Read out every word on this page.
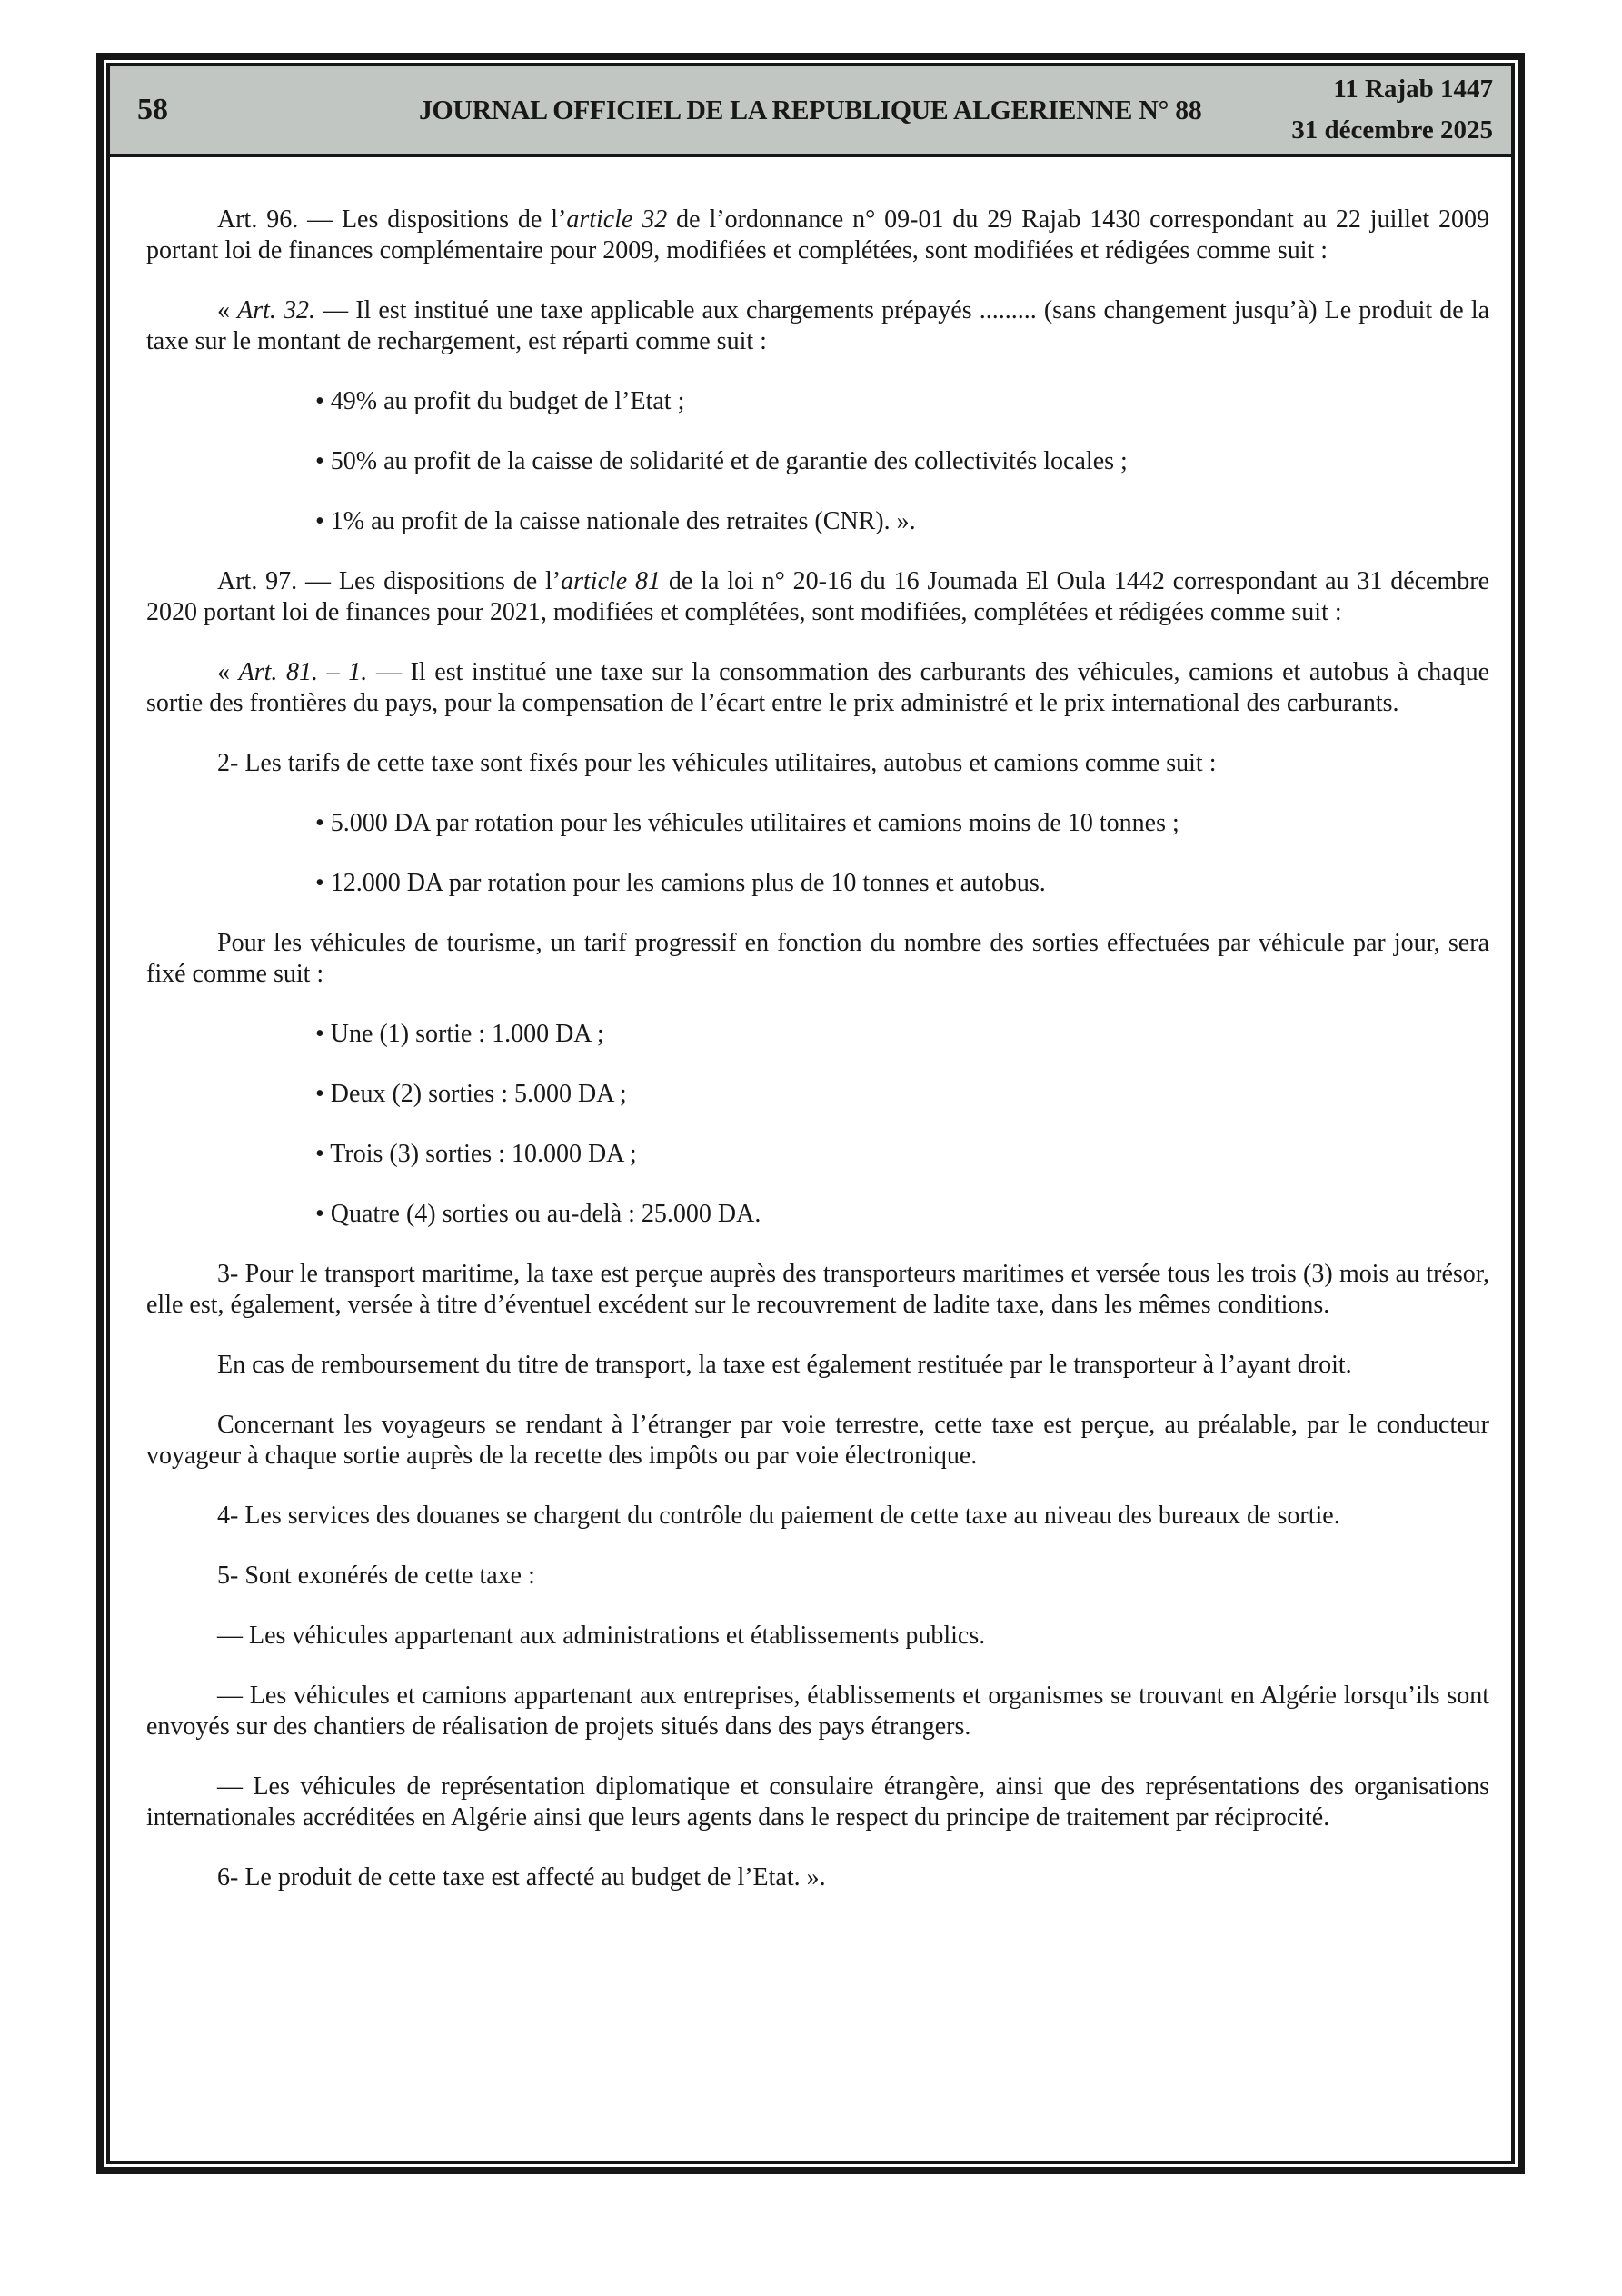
58	JOURNAL OFFICIEL DE LA REPUBLIQUE ALGERIENNE N° 88
11 Rajab 1447
31 décembre 2025

Art. 96. — Les dispositions de l’article 32 de l’ordonnance n° 09-01 du 29 Rajab 1430 correspondant au 22 juillet 2009 portant loi de finances complémentaire pour 2009, modifiées et complétées, sont modifiées et rédigées comme suit :

« Art. 32. — Il est institué une taxe applicable aux chargements prépayés ......... (sans changement jusqu’à) Le produit de la taxe sur le montant de rechargement, est réparti comme suit :

• 49% au profit du budget de l’Etat ;

• 50% au profit de la caisse de solidarité et de garantie des collectivités locales ;

• 1% au profit de la caisse nationale des retraites (CNR). ».

Art. 97. — Les dispositions de l’article 81 de la loi n° 20-16 du 16 Joumada El Oula 1442 correspondant au 31 décembre 2020 portant loi de finances pour 2021, modifiées et complétées, sont modifiées, complétées et rédigées comme suit :

« Art. 81. – 1. — Il est institué une taxe sur la consommation des carburants des véhicules, camions et autobus à chaque sortie des frontières du pays, pour la compensation de l’écart entre le prix administré et le prix international des carburants.

2- Les tarifs de cette taxe sont fixés pour les véhicules utilitaires, autobus et camions comme suit :

• 5.000 DA par rotation pour les véhicules utilitaires et camions moins de 10 tonnes ;

• 12.000 DA par rotation pour les camions plus de 10 tonnes et autobus.

Pour les véhicules de tourisme, un tarif progressif en fonction du nombre des sorties effectuées par véhicule par jour, sera fixé comme suit :

• Une (1) sortie : 1.000 DA ;

• Deux (2) sorties : 5.000 DA ;

• Trois (3) sorties : 10.000 DA ;

• Quatre (4) sorties ou au-delà : 25.000 DA.

3- Pour le transport maritime, la taxe est perçue auprès des transporteurs maritimes et versée tous les trois (3) mois au trésor, elle est, également, versée à titre d’éventuel excédent sur le recouvrement de ladite taxe, dans les mêmes conditions.

En cas de remboursement du titre de transport, la taxe est également restituée par le transporteur à l’ayant droit.

Concernant les voyageurs se rendant à l’étranger par voie terrestre, cette taxe est perçue, au préalable, par le conducteur voyageur à chaque sortie auprès de la recette des impôts ou par voie électronique.

4- Les services des douanes se chargent du contrôle du paiement de cette taxe au niveau des bureaux de sortie.

5- Sont exonérés de cette taxe :

— Les véhicules appartenant aux administrations et établissements publics.

— Les véhicules et camions appartenant aux entreprises, établissements et organismes se trouvant en Algérie lorsqu’ils sont envoyés sur des chantiers de réalisation de projets situés dans des pays étrangers.

— Les véhicules de représentation diplomatique et consulaire étrangère, ainsi que des représentations des organisations internationales accréditées en Algérie ainsi que leurs agents dans le respect du principe de traitement par réciprocité.

6- Le produit de cette taxe est affecté au budget de l’Etat. ».
